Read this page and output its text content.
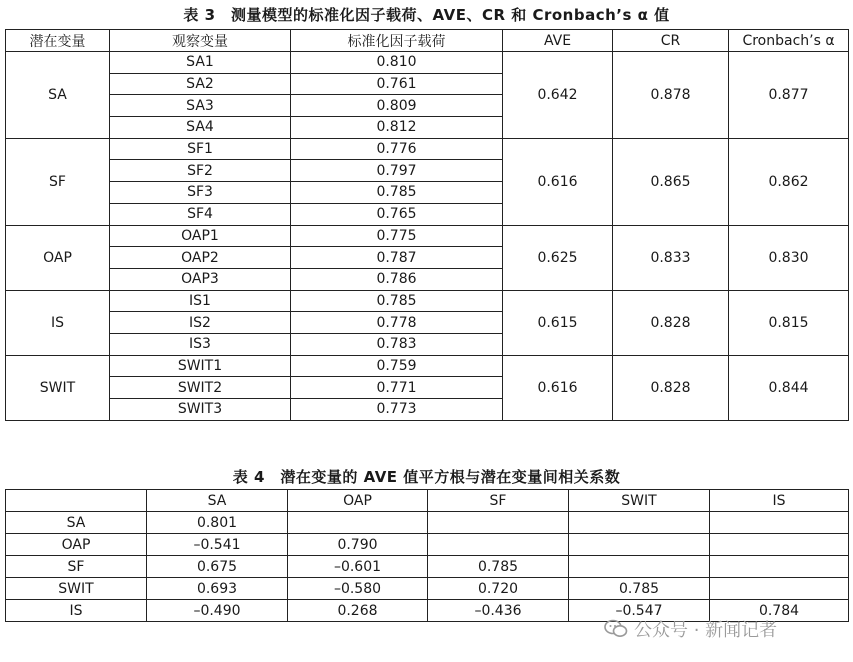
表 3　测量模型的标准化因子载荷、AVE、CR 和 Cronbach’s α 值
潜在变量	观察变量	标准化因子载荷	AVE	CR	Cronbach’s α
SA	SA1	0.810	0.642	0.878	0.877
	SA2	0.761			
	SA3	0.809			
	SA4	0.812			
SF	SF1	0.776	0.616	0.865	0.862
	SF2	0.797			
	SF3	0.785			
	SF4	0.765			
OAP	OAP1	0.775	0.625	0.833	0.830
	OAP2	0.787			
	OAP3	0.786			
IS	IS1	0.785	0.615	0.828	0.815
	IS2	0.778			
	IS3	0.783			
SWIT	SWIT1	0.759	0.616	0.828	0.844
	SWIT2	0.771			
	SWIT3	0.773			
表 4　潜在变量的 AVE 值平方根与潜在变量间相关系数
	SA	OAP	SF	SWIT	IS
SA	0.801				
OAP	–0.541	0.790			
SF	0.675	–0.601	0.785		
SWIT	0.693	–0.580	0.720	0.785	
IS	–0.490	0.268	–0.436	–0.547	0.784
公众号 · 新闻记者
